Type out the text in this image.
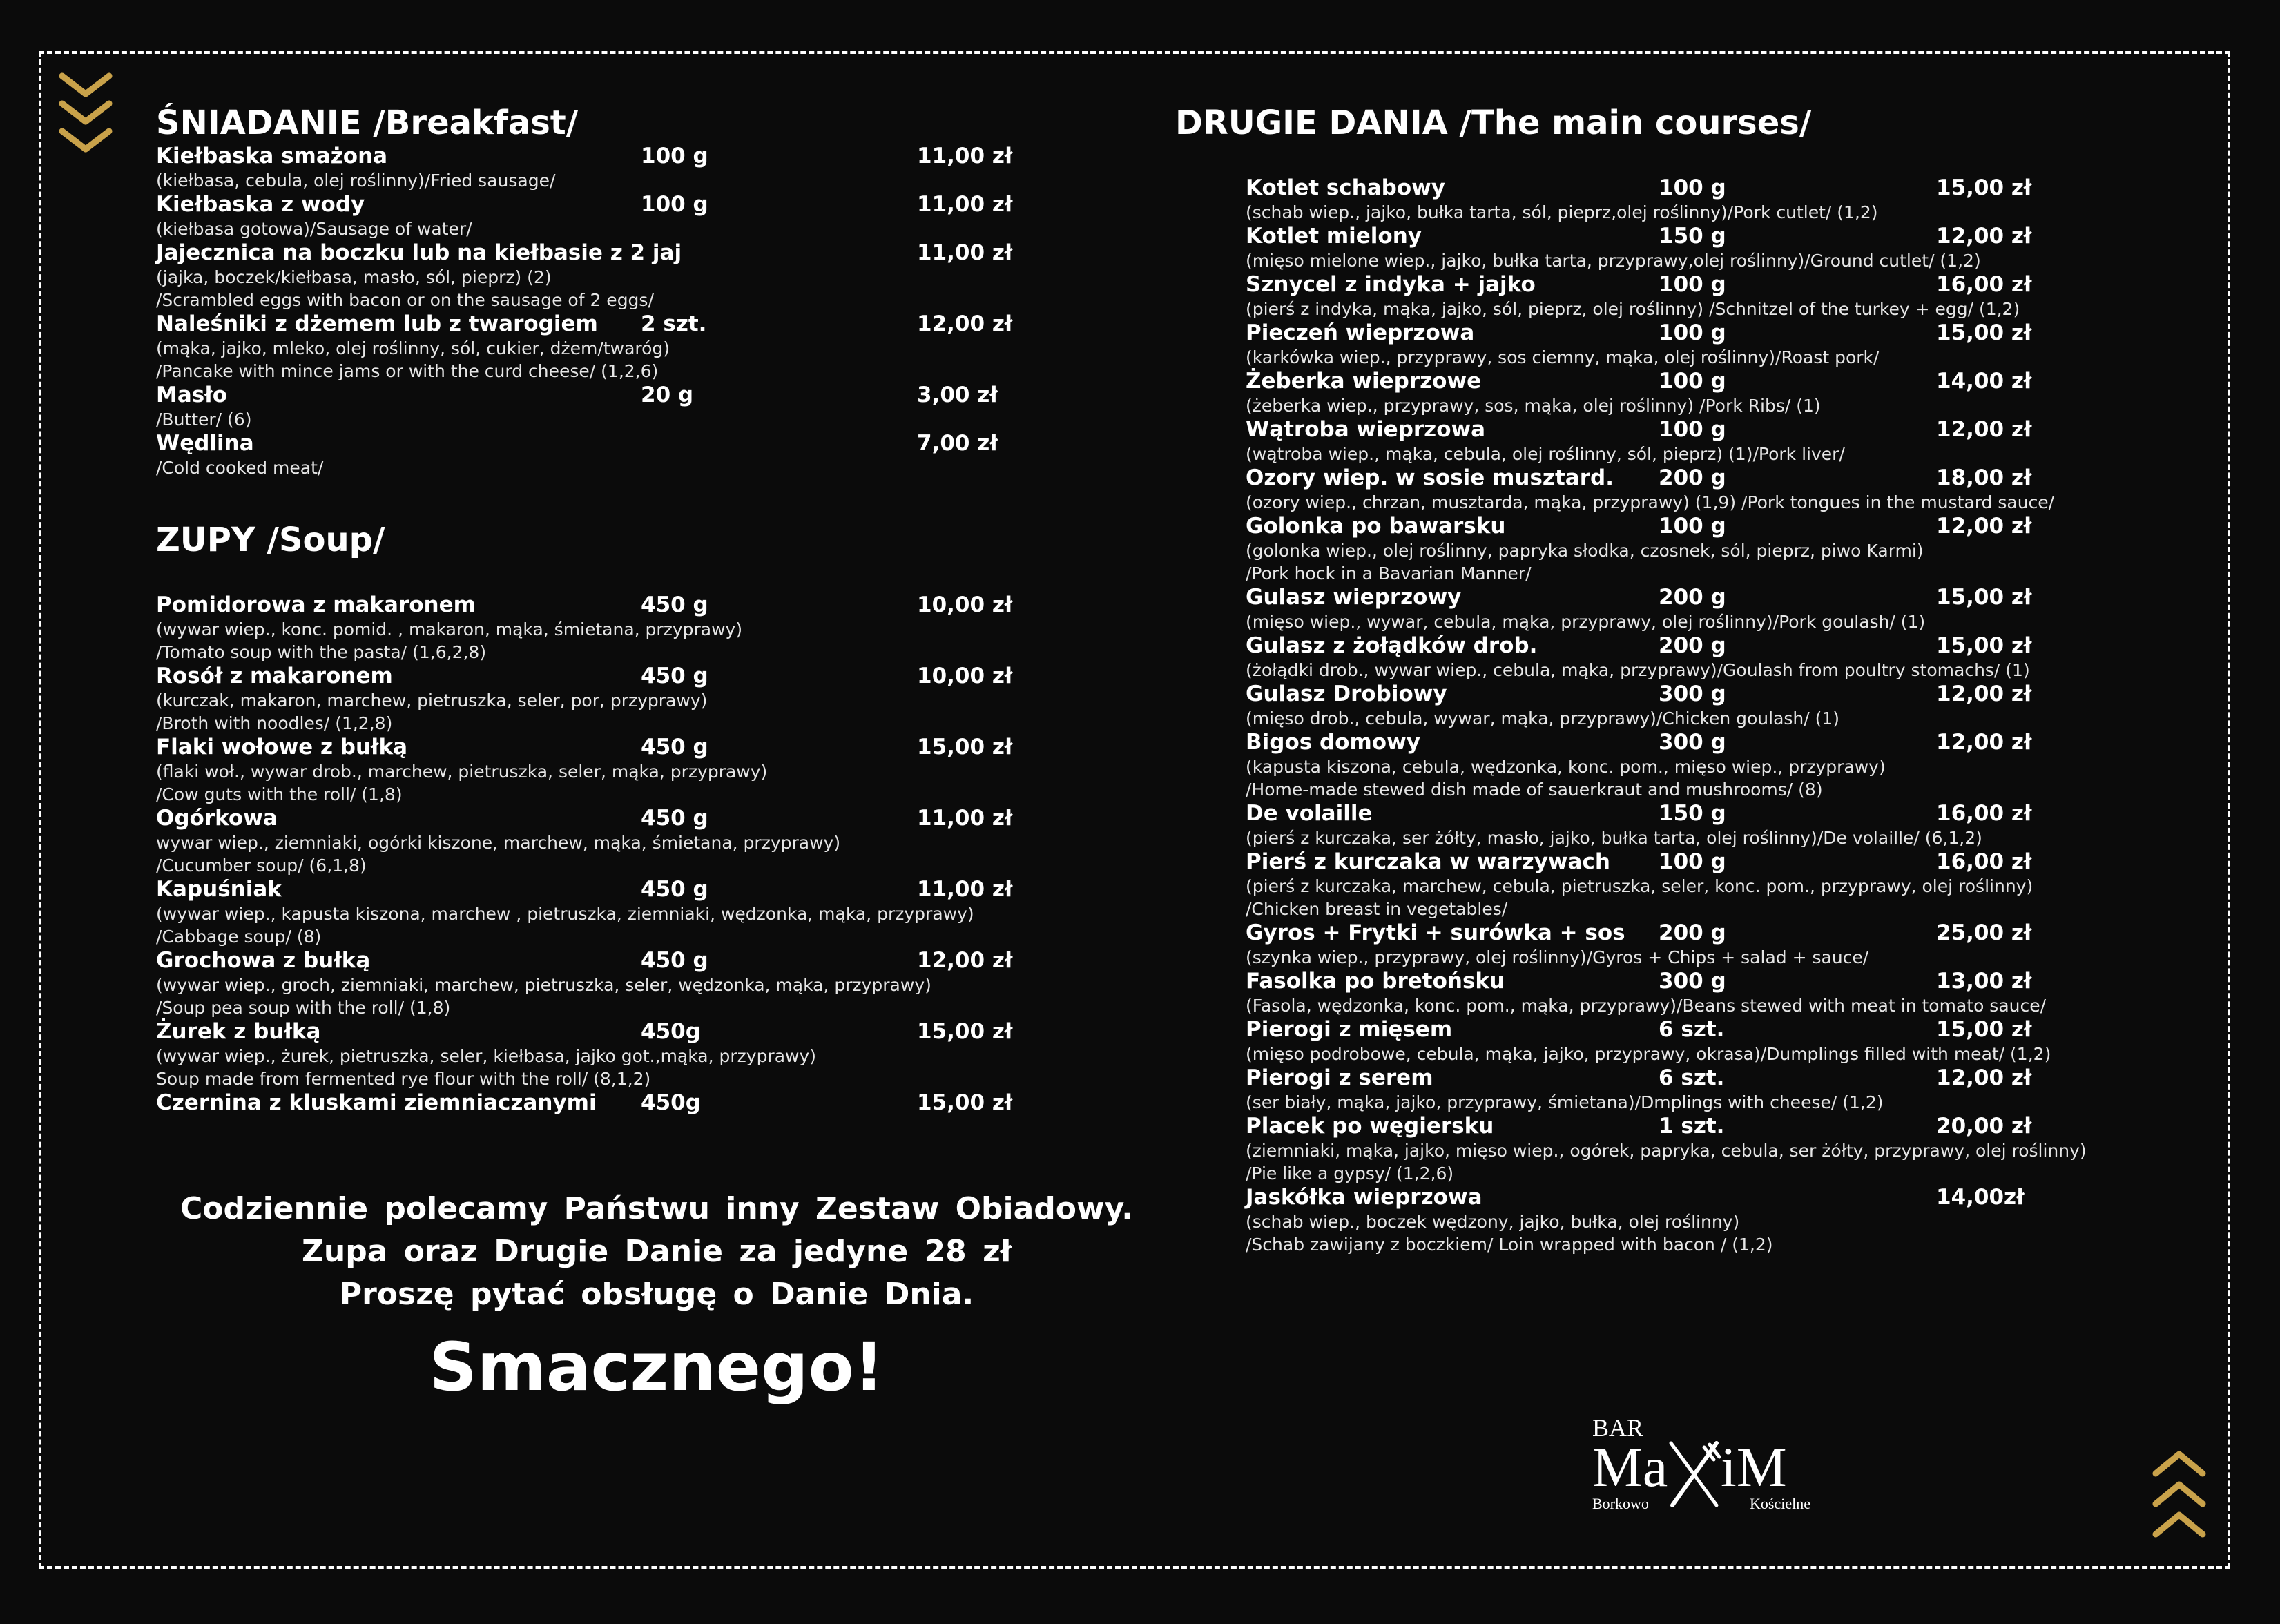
ŚNIADANIE /Breakfast/
Kiełbaska smażona	100 g	11,00 zł
(kiełbasa, cebula, olej roślinny)/Fried sausage/
Kiełbaska z wody	100 g	11,00 zł
(kiełbasa gotowa)/Sausage of water/
Jajecznica na boczku lub na kiełbasie z 2 jaj	11,00 zł
(jajka, boczek/kiełbasa, masło, sól, pieprz) (2)
/Scrambled eggs with bacon or on the sausage of 2 eggs/
Naleśniki z dżemem lub z twarogiem 2 szt.	12,00 zł
(mąka, jajko, mleko, olej roślinny, sól, cukier, dżem/twaróg)
/Pancake with mince jams or with the curd cheese/ (1,2,6)
Masło	20 g	3,00 zł
/Butter/ (6)
Wędlina	7,00 zł
/Cold cooked meat/
ZUPY /Soup/
Pomidorowa z makaronem	450 g	10,00 zł
(wywar wiep., konc. pomid. , makaron, mąka, śmietana, przyprawy)
/Tomato soup with the pasta/ (1,6,2,8)
Rosół z makaronem	450 g	10,00 zł
(kurczak, makaron, marchew, pietruszka, seler, por, przyprawy)
/Broth with noodles/ (1,2,8)
Flaki wołowe z bułką	450 g	15,00 zł
(flaki woł., wywar drob., marchew, pietruszka, seler, mąka, przyprawy)
/Cow guts with the roll/ (1,8)
Ogórkowa	450 g	11,00 zł
wywar wiep., ziemniaki, ogórki kiszone, marchew, mąka, śmietana, przyprawy)
/Cucumber soup/ (6,1,8)
Kapuśniak	450 g	11,00 zł
(wywar wiep., kapusta kiszona, marchew , pietruszka, ziemniaki, wędzonka, mąka, przyprawy)
/Cabbage soup/ (8)
Grochowa z bułką	450 g	12,00 zł
(wywar wiep., groch, ziemniaki, marchew, pietruszka, seler, wędzonka, mąka, przyprawy)
/Soup pea soup with the roll/ (1,8)
Żurek z bułką	450g	15,00 zł
(wywar wiep., żurek, pietruszka, seler, kiełbasa, jajko got.,mąka, przyprawy)
Soup made from fermented rye flour with the roll/ (8,1,2)
Czernina z kluskami ziemniaczanymi 450g	15,00 zł
Codziennie polecamy Państwu inny Zestaw Obiadowy.
Zupa oraz Drugie Danie za jedyne 28 zł
Proszę pytać obsługę o Danie Dnia.
Smacznego!
DRUGIE DANIA /The main courses/
Kotlet schabowy	100 g	15,00 zł
(schab wiep., jajko, bułka tarta, sól, pieprz,olej roślinny)/Pork cutlet/ (1,2)
Kotlet mielony	150 g	12,00 zł
(mięso mielone wiep., jajko, bułka tarta, przyprawy,olej roślinny)/Ground cutlet/ (1,2)
Sznycel z indyka + jajko	100 g	16,00 zł
(pierś z indyka, mąka, jajko, sól, pieprz, olej roślinny) /Schnitzel of the turkey + egg/ (1,2)
Pieczeń wieprzowa	100 g	15,00 zł
(karkówka wiep., przyprawy, sos ciemny, mąka, olej roślinny)/Roast pork/
Żeberka wieprzowe	100 g	14,00 zł
(żeberka wiep., przyprawy, sos, mąka, olej roślinny) /Pork Ribs/ (1)
Wątroba wieprzowa	100 g	12,00 zł
(wątroba wiep., mąka, cebula, olej roślinny, sól, pieprz) (1)/Pork liver/
Ozory wiep. w sosie musztard. 200 g	18,00 zł
(ozory wiep., chrzan, musztarda, mąka, przyprawy) (1,9) /Pork tongues in the mustard sauce/
Golonka po bawarsku	100 g	12,00 zł
(golonka wiep., olej roślinny, papryka słodka, czosnek, sól, pieprz, piwo Karmi)
/Pork hock in a Bavarian Manner/
Gulasz wieprzowy	200 g	15,00 zł
(mięso wiep., wywar, cebula, mąka, przyprawy, olej roślinny)/Pork goulash/ (1)
Gulasz z żołądków drob.	200 g	15,00 zł
(żołądki drob., wywar wiep., cebula, mąka, przyprawy)/Goulash from poultry stomachs/ (1)
Gulasz Drobiowy	300 g	12,00 zł
(mięso drob., cebula, wywar, mąka, przyprawy)/Chicken goulash/ (1)
Bigos domowy	300 g	12,00 zł
(kapusta kiszona, cebula, wędzonka, konc. pom., mięso wiep., przyprawy)
/Home-made stewed dish made of sauerkraut and mushrooms/ (8)
De volaille	150 g	16,00 zł
(pierś z kurczaka, ser żółty, masło, jajko, bułka tarta, olej roślinny)/De volaille/ (6,1,2)
Pierś z kurczaka w warzywach 100 g	16,00 zł
(pierś z kurczaka, marchew, cebula, pietruszka, seler, konc. pom., przyprawy, olej roślinny)
/Chicken breast in vegetables/
Gyros + Frytki + surówka + sos 200 g	25,00 zł
(szynka wiep., przyprawy, olej roślinny)/Gyros + Chips + salad + sauce/
Fasolka po bretońsku	300 g	13,00 zł
(Fasola, wędzonka, konc. pom., mąka, przyprawy)/Beans stewed with meat in tomato sauce/
Pierogi z mięsem	6 szt.	15,00 zł
(mięso podrobowe, cebula, mąka, jajko, przyprawy, okrasa)/Dumplings filled with meat/ (1,2)
Pierogi z serem	6 szt.	12,00 zł
(ser biały, mąka, jajko, przyprawy, śmietana)/Dmplings with cheese/ (1,2)
Placek po węgiersku	1 szt.	20,00 zł
(ziemniaki, mąka, jajko, mięso wiep., ogórek, papryka, cebula, ser żółty, przyprawy, olej roślinny)
/Pie like a gypsy/ (1,2,6)
Jaskółka wieprzowa	14,00zł
(schab wiep., boczek wędzony, jajko, bułka, olej roślinny)
/Schab zawijany z boczkiem/ Loin wrapped with bacon / (1,2)
BAR
Ma iM
Borkowo	Kościelne
